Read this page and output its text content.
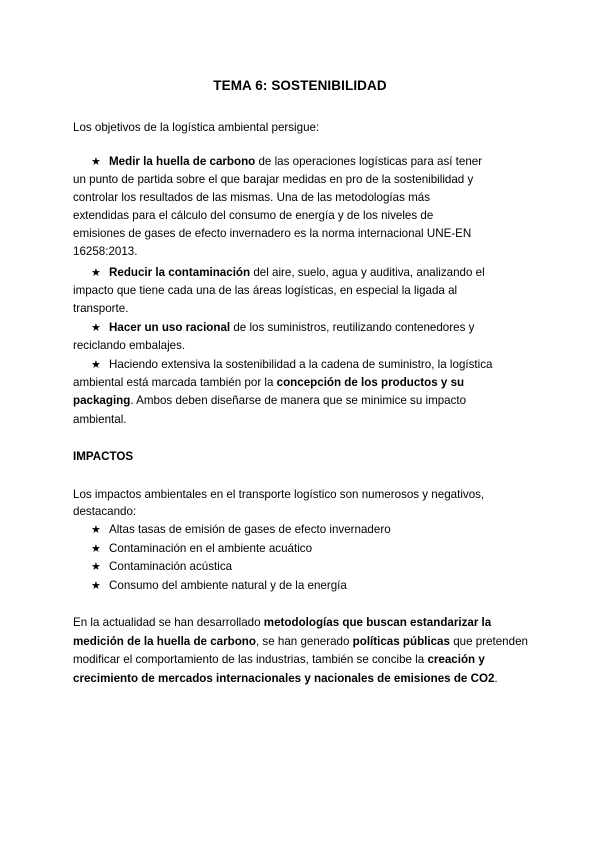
TEMA 6: SOSTENIBILIDAD
Los objetivos de la logística ambiental persigue:
★ Medir la huella de carbono de las operaciones logísticas para así tener
un punto de partida sobre el que barajar medidas en pro de la sostenibilidad y
controlar los resultados de las mismas. Una de las metodologías más
extendidas para el cálculo del consumo de energía y de los niveles de
emisiones de gases de efecto invernadero es la norma internacional UNE-EN
16258:2013.
★ Reducir la contaminación del aire, suelo, agua y auditiva, analizando el
impacto que tiene cada una de las áreas logísticas, en especial la ligada al
transporte.
★ Hacer un uso racional de los suministros, reutilizando contenedores y
reciclando embalajes.
★ Haciendo extensiva la sostenibilidad a la cadena de suministro, la logística
ambiental está marcada también por la concepción de los productos y su
packaging. Ambos deben diseñarse de manera que se minimice su impacto
ambiental.
IMPACTOS
Los impactos ambientales en el transporte logístico son numerosos y negativos,
destacando:
★ Altas tasas de emisión de gases de efecto invernadero
★ Contaminación en el ambiente acuático
★ Contaminación acústica
★ Consumo del ambiente natural y de la energía
En la actualidad se han desarrollado metodologías que buscan estandarizar la
medición de la huella de carbono, se han generado políticas públicas que pretenden
modificar el comportamiento de las industrias, también se concibe la creación y
crecimiento de mercados internacionales y nacionales de emisiones de CO2.
